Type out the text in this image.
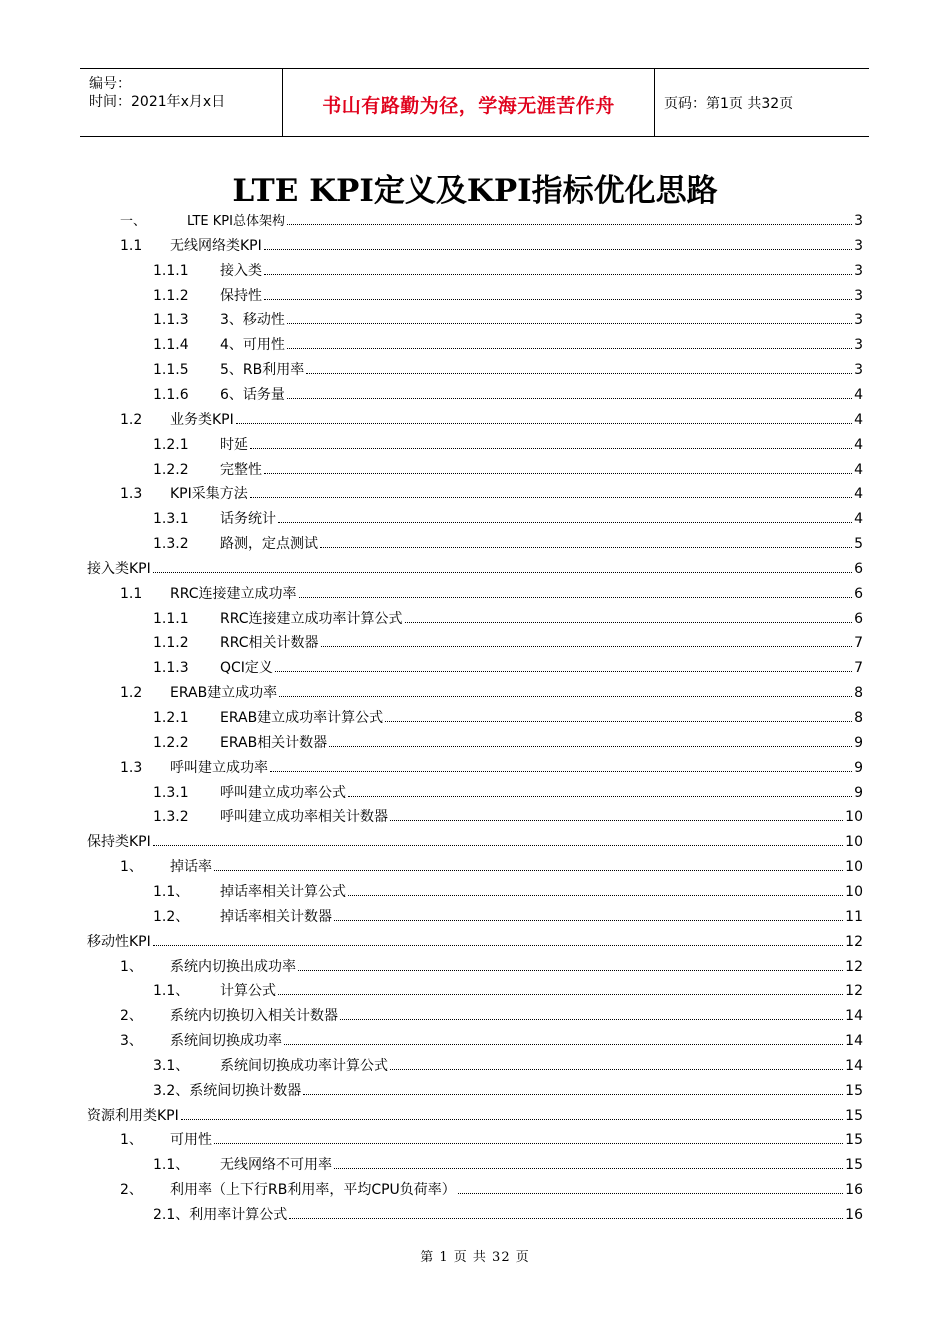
编号：
时间：2021年x月x日	书山有路勤为径，学海无涯苦作舟	页码：第1页 共32页
LTE KPI定义及KPI指标优化思路
一、	LTE KPI总体架构	3
1.1	无线网络类KPI	3
1.1.1	接入类	3
1.1.2	保持性	3
1.1.3	3、移动性	3
1.1.4	4、可用性	3
1.1.5	5、RB利用率	3
1.1.6	6、话务量	4
1.2	业务类KPI	4
1.2.1	时延	4
1.2.2	完整性	4
1.3	KPI采集方法	4
1.3.1	话务统计	4
1.3.2	路测，定点测试	5
接入类KPI	6
1.1	RRC连接建立成功率	6
1.1.1	RRC连接建立成功率计算公式	6
1.1.2	RRC相关计数器	7
1.1.3	QCI定义	7
1.2	ERAB建立成功率	8
1.2.1	ERAB建立成功率计算公式	8
1.2.2	ERAB相关计数器	9
1.3	呼叫建立成功率	9
1.3.1	呼叫建立成功率公式	9
1.3.2	呼叫建立成功率相关计数器	10
保持类KPI	10
1、	掉话率	10
1.1、	掉话率相关计算公式	10
1.2、	掉话率相关计数器	11
移动性KPI	12
1、	系统内切换出成功率	12
1.1、	计算公式	12
2、	系统内切换切入相关计数器	14
3、	系统间切换成功率	14
3.1、	系统间切换成功率计算公式	14
3.2、系统间切换计数器	15
资源利用类KPI	15
1、	可用性	15
1.1、	无线网络不可用率	15
2、	利用率（上下行RB利用率，平均CPU负荷率）	16
2.1、利用率计算公式	16
第 1 页 共 32 页
